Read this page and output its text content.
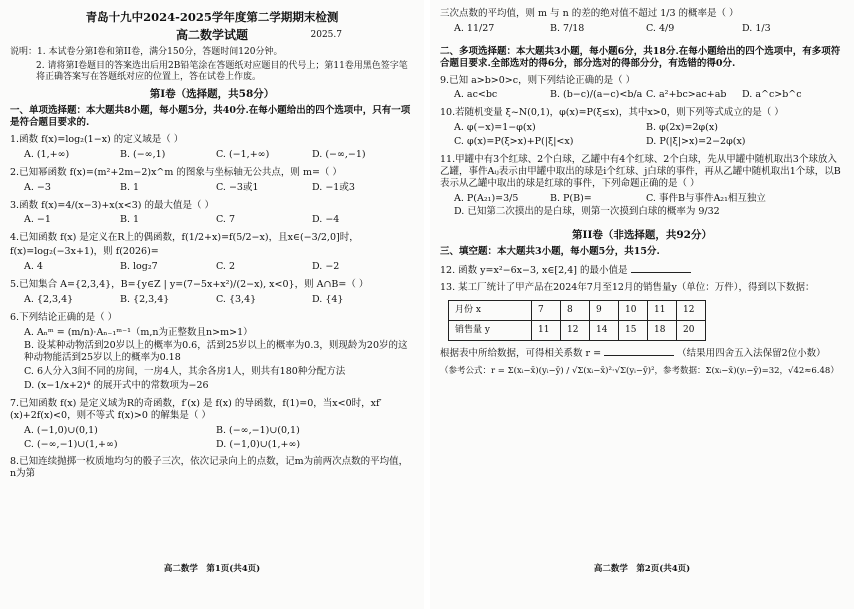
青岛十九中2024-2025学年度第二学期期末检测
高二数学试题	2025.7
说明：1. 本试卷分第I卷和第II卷，满分150分，答题时间120分钟。
2. 请将第I卷题目的答案选出后用2B铅笔涂在答题纸对应题目的代号上；第11卷用黑色签字笔将正确答案写在答题纸对应的位置上，答在试卷上作废。
第I卷（选择题，共58分）
一、单项选择题：本大题共8小题，每小题5分，共40分.在每小题给出的四个选项中，只有一项是符合题目要求的.
1.函数 f(x)=log₂(1−x) 的定义域是（ ）
A. (1,+∞)	B. (−∞,1)	C. (−1,+∞)	D. (−∞,−1)
2.已知幂函数 f(x)=(m²+2m−2)x^m 的图象与坐标轴无公共点，则 m=（ ）
A. −3	B. 1	C. −3或1	D. −1或3
3.函数 f(x)=4/(x−3)+x(x<3) 的最大值是（ ）
A. −1	B. 1	C. 7	D. −4
4.已知函数 f(x) 是定义在R上的偶函数，f(1/2+x)=f(5/2−x)，且x∈(−3/2,0]时，
f(x)=log₂(−3x+1)，则 f(2026)=
A. 4	B. log₂7	C. 2	D. −2
5.已知集合 A={2,3,4}，B={y∈Z | y=(7−5x+x²)/(2−x), x<0}，则 A∩B=（ ）
A. {2,3,4}	B. {2,3,4}	C. {3,4}	D. {4}
6.下列结论正确的是（ ）
A. Aₙᵐ = (m/n)·Aₙ₋₁ᵐ⁻¹（m,n为正整数且n>m>1）
B. 设某种动物活到20岁以上的概率为0.6，活到25岁以上的概率为0.3，则现龄为20岁的这种动物能活到25岁以上的概率为0.18
C. 6人分入3间不同的房间，一房4人，其余各房1人，则共有180种分配方法
D. (x−1/x+2)⁴ 的展开式中的常数项为−26
7.已知函数 f(x) 是定义域为R的奇函数，f′(x) 是 f(x) 的导函数，f(1)=0，当x<0时，xf′(x)+2f(x)<0，则不等式 f(x)>0 的解集是（ ）
A. (−1,0)∪(0,1)	B. (−∞,−1)∪(0,1)
C. (−∞,−1)∪(1,+∞)	D. (−1,0)∪(1,+∞)
8.已知连续抛掷一枚质地均匀的骰子三次，依次记录向上的点数，记m为前两次点数的平均值，n为第
高二数学　第1页(共4页)
三次点数的平均值，则 m 与 n 的差的绝对值不超过 1/3 的概率是（ ）
A. 11/27	B. 7/18	C. 4/9	D. 1/3
二、多项选择题：本大题共3小题，每小题6分，共18分.在每小题给出的四个选项中，有多项符合题目要求.全部选对的得6分，部分选对的得部分分，有选错的得0分.
9.已知 a>b>0>c，则下列结论正确的是（ ）
A. ac<bc	B. (b−c)/(a−c)<b/a C. a²+bc>ac+ab	D. a^c>b^c
10.若随机变量 ξ~N(0,1)，φ(x)=P(ξ≤x)，其中x>0，则下列等式成立的是（ ）
A. φ(−x)=1−φ(x)	B. φ(2x)=2φ(x)
C. φ(x)=P(ξ>x)+P(|ξ|<x)	D. P(|ξ|>x)=2−2φ(x)
11.甲罐中有3个红球、2个白球，乙罐中有4个红球、2个白球，先从甲罐中随机取出3个球放入乙罐，事件Aᵢⱼ表示由甲罐中取出的球是i个红球、j白球的事件，再从乙罐中随机取出1个球，以B表示从乙罐中取出的球是红球的事件，下列命题正确的是（ ）
A. P(A₂₁)=3/5	B. P(B)=	C. 事件B与事件A₂₁相互独立
D. 已知第二次摸出的是白球，则第一次摸到白球的概率为 9/32
第II卷（非选择题，共92分）
三、填空题：本大题共3小题，每小题5分，共15分.
12. 函数 y=x²−6x−3, x∈[2,4] 的最小值是
13. 某工厂统计了甲产品在2024年7月至12月的销售量y（单位：万件），得到以下数据：
月份 x	7	8	9	10	11	12
销售量 y	11	12	14	15	18	20
根据表中所给数据，可得相关系数 r =	（结果用四舍五入法保留2位小数）
（参考公式：r = Σ(xᵢ−x̄)(yᵢ−ȳ) / √Σ(xᵢ−x̄)²·√Σ(yᵢ−ȳ)²，参考数据：Σ(xᵢ−x̄)(yᵢ−ȳ)=32，√42≈6.48）
高二数学　第2页(共4页)
